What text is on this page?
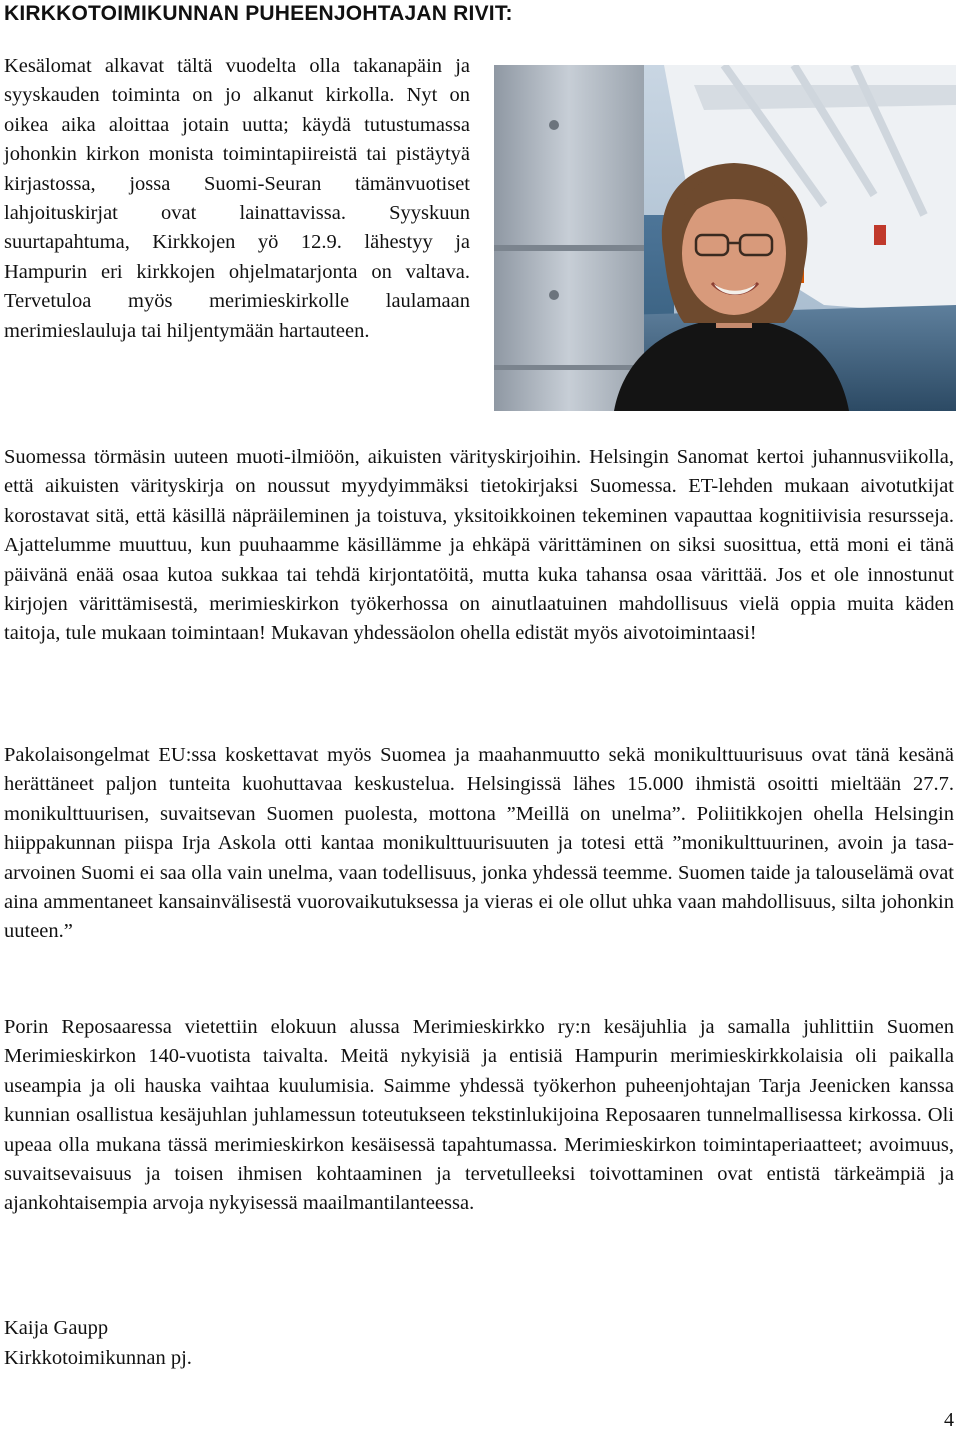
KIRKKOTOIMIKUNNAN PUHEENJOHTAJAN RIVIT:

Kesälomat alkavat tältä vuodelta olla takanapäin ja syyskauden toiminta on jo alkanut kirkolla. Nyt on oikea aika aloittaa jotain uutta; käydä tutustumassa johonkin kirkon monista toimintapiireistä tai pistäytyä kirjastossa, jossa Suomi-Seuran tämänvuotiset lahjoituskirjat ovat lainattavissa. Syyskuun suurtapahtuma, Kirkkojen yö 12.9. lähestyy ja Hampurin eri kirkkojen ohjelmatarjonta on valtava. Tervetuloa myös merimieskirkolle laulamaan merimieslauluja tai hiljentymään hartauteen.

Suomessa törmäsin uuteen muoti-ilmiöön, aikuisten värityskirjoihin. Helsingin Sanomat kertoi juhannusviikolla, että aikuisten värityskirja on noussut myydyimmäksi tietokirjaksi Suomessa. ET-lehden mukaan aivotutkijat korostavat sitä, että käsillä näpräileminen ja toistuva, yksitoikkoinen tekeminen vapauttaa kognitiivisia resursseja. Ajattelumme muuttuu, kun puuhaamme käsillämme ja ehkäpä värittäminen on siksi suosittua, että moni ei tänä päivänä enää osaa kutoa sukkaa tai tehdä kirjontatöitä, mutta kuka tahansa osaa värittää. Jos et ole innostunut kirjojen värittämisestä, merimieskirkon työkerhossa on ainutlaatuinen mahdollisuus vielä oppia muita käden taitoja, tule mukaan toimintaan! Mukavan yhdessäolon ohella edistät myös aivotoimintaasi!

Pakolaisongelmat EU:ssa koskettavat myös Suomea ja maahanmuutto sekä monikulttuurisuus ovat tänä kesänä herättäneet paljon tunteita kuohuttavaa keskustelua. Helsingissä lähes 15.000 ihmistä osoitti mieltään 27.7. monikulttuurisen, suvaitsevan Suomen puolesta, mottona ”Meillä on unelma”. Poliitikkojen ohella Helsingin hiippakunnan piispa Irja Askola otti kantaa monikulttuurisuuten ja totesi että ”monikulttuurinen, avoin ja tasaarvoinen Suomi ei saa olla vain unelma, vaan todellisuus, jonka yhdessä teemme. Suomen taide ja talouselämä ovat aina ammentaneet kansainvälisestä vuorovaikutuksessa ja vieras ei ole ollut uhka vaan mahdollisuus, silta johonkin uuteen.”

Porin Reposaaressa vietettiin elokuun alussa Merimieskirkko ry:n kesäjuhlia ja samalla juhlittiin Suomen Merimieskirkon 140-vuotista taivalta. Meitä nykyisiä ja entisiä Hampurin merimieskirkkolaisia oli paikalla useampia ja oli hauska vaihtaa kuulumisia. Saimme yhdessä työkerhon puheenjohtajan Tarja Jeenicken kanssa kunnian osallistua kesäjuhlan juhlamessun toteutukseen tekstinlukijoina Reposaaren tunnelmallisessa kirkossa. Oli upeaa olla mukana tässä merimieskirkon kesäisessä tapahtumassa. Merimieskirkon toimintaperiaatteet; avoimuus, suvaitsevaisuus ja toisen ihmisen kohtaaminen ja tervetulleeksi toivottaminen ovat entistä tärkeämpiä ja ajankohtaisempia arvoja nykyisessä maailmantilanteessa.

Kaija Gaupp
Kirkkotoimikunnan pj.
4
